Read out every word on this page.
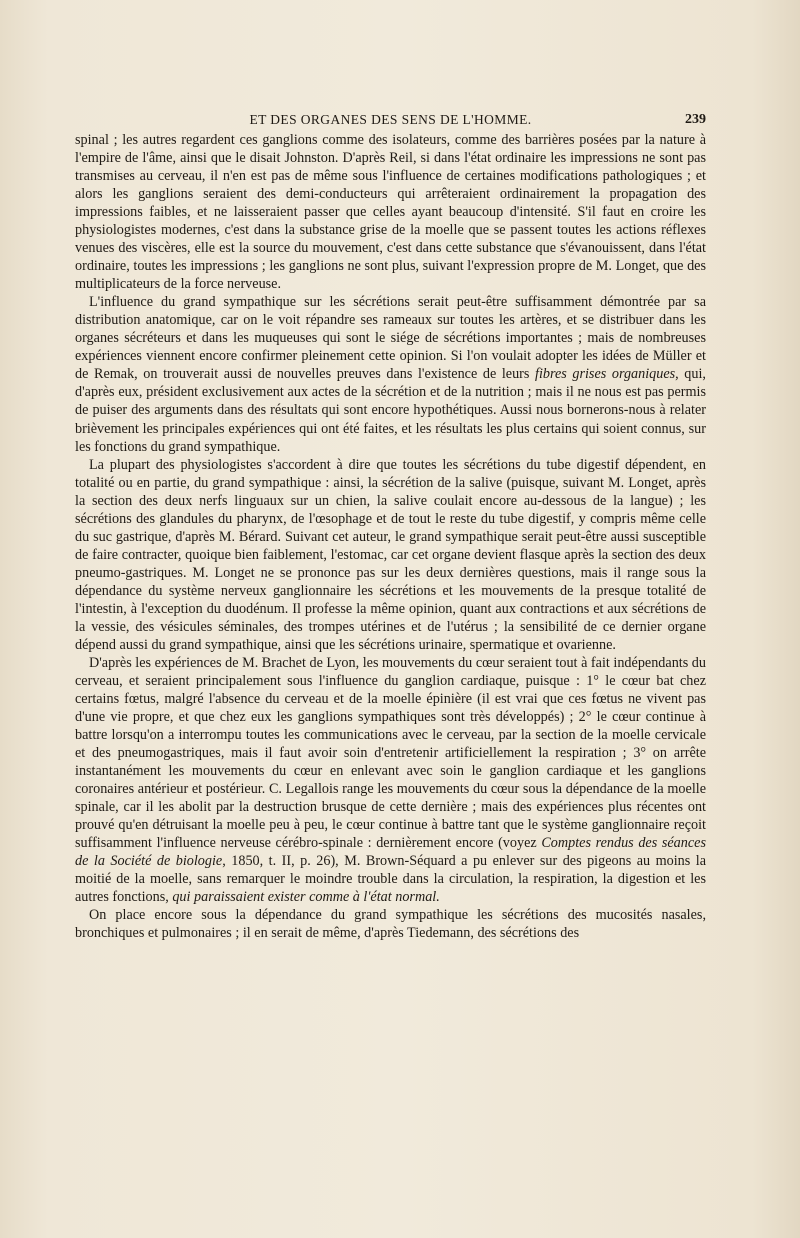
ET DES ORGANES DES SENS DE L'HOMME.	239

spinal ; les autres regardent ces ganglions comme des isolateurs, comme des barrières posées par la nature à l'empire de l'âme, ainsi que le disait Johnston. D'après Reil, si dans l'état ordinaire les impressions ne sont pas transmises au cerveau, il n'en est pas de même sous l'influence de certaines modifications pathologiques ; et alors les ganglions seraient des demi-conducteurs qui arrêteraient ordinairement la propagation des impressions faibles, et ne laisseraient passer que celles ayant beaucoup d'intensité. S'il faut en croire les physiologistes modernes, c'est dans la substance grise de la moelle que se passent toutes les actions réflexes venues des viscères, elle est la source du mouvement, c'est dans cette substance que s'évanouissent, dans l'état ordinaire, toutes les impressions ; les ganglions ne sont plus, suivant l'expression propre de M. Longet, que des multiplicateurs de la force nerveuse.

L'influence du grand sympathique sur les sécrétions serait peut-être suffisamment démontrée par sa distribution anatomique, car on le voit répandre ses rameaux sur toutes les artères, et se distribuer dans les organes sécréteurs et dans les muqueuses qui sont le siége de sécrétions importantes ; mais de nombreuses expériences viennent encore confirmer pleinement cette opinion. Si l'on voulait adopter les idées de Müller et de Remak, on trouverait aussi de nouvelles preuves dans l'existence de leurs fibres grises organiques, qui, d'après eux, président exclusivement aux actes de la sécrétion et de la nutrition ; mais il ne nous est pas permis de puiser des arguments dans des résultats qui sont encore hypothétiques. Aussi nous bornerons-nous à relater brièvement les principales expériences qui ont été faites, et les résultats les plus certains qui soient connus, sur les fonctions du grand sympathique.

La plupart des physiologistes s'accordent à dire que toutes les sécrétions du tube digestif dépendent, en totalité ou en partie, du grand sympathique : ainsi, la sécrétion de la salive (puisque, suivant M. Longet, après la section des deux nerfs linguaux sur un chien, la salive coulait encore au-dessous de la langue) ; les sécrétions des glandules du pharynx, de l'œsophage et de tout le reste du tube digestif, y compris même celle du suc gastrique, d'après M. Bérard. Suivant cet auteur, le grand sympathique serait peut-être aussi susceptible de faire contracter, quoique bien faiblement, l'estomac, car cet organe devient flasque après la section des deux pneumo-gastriques. M. Longet ne se prononce pas sur les deux dernières questions, mais il range sous la dépendance du système nerveux ganglionnaire les sécrétions et les mouvements de la presque totalité de l'intestin, à l'exception du duodénum. Il professe la même opinion, quant aux contractions et aux sécrétions de la vessie, des vésicules séminales, des trompes utérines et de l'utérus ; la sensibilité de ce dernier organe dépend aussi du grand sympathique, ainsi que les sécrétions urinaire, spermatique et ovarienne.

D'après les expériences de M. Brachet de Lyon, les mouvements du cœur seraient tout à fait indépendants du cerveau, et seraient principalement sous l'influence du ganglion cardiaque, puisque : 1° le cœur bat chez certains fœtus, malgré l'absence du cerveau et de la moelle épinière (il est vrai que ces fœtus ne vivent pas d'une vie propre, et que chez eux les ganglions sympathiques sont très développés) ; 2° le cœur continue à battre lorsqu'on a interrompu toutes les communications avec le cerveau, par la section de la moelle cervicale et des pneumogastriques, mais il faut avoir soin d'entretenir artificiellement la respiration ; 3° on arrête instantanément les mouvements du cœur en enlevant avec soin le ganglion cardiaque et les ganglions coronaires antérieur et postérieur. C. Legallois range les mouvements du cœur sous la dépendance de la moelle spinale, car il les abolit par la destruction brusque de cette dernière ; mais des expériences plus récentes ont prouvé qu'en détruisant la moelle peu à peu, le cœur continue à battre tant que le système ganglionnaire reçoit suffisamment l'influence nerveuse cérébro-spinale : dernièrement encore (voyez Comptes rendus des séances de la Société de biologie, 1850, t. II, p. 26), M. Brown-Séquard a pu enlever sur des pigeons au moins la moitié de la moelle, sans remarquer le moindre trouble dans la circulation, la respiration, la digestion et les autres fonctions, qui paraissaient exister comme à l'état normal.

On place encore sous la dépendance du grand sympathique les sécrétions des mucosités nasales, bronchiques et pulmonaires ; il en serait de même, d'après Tiedemann, des sécrétions des
